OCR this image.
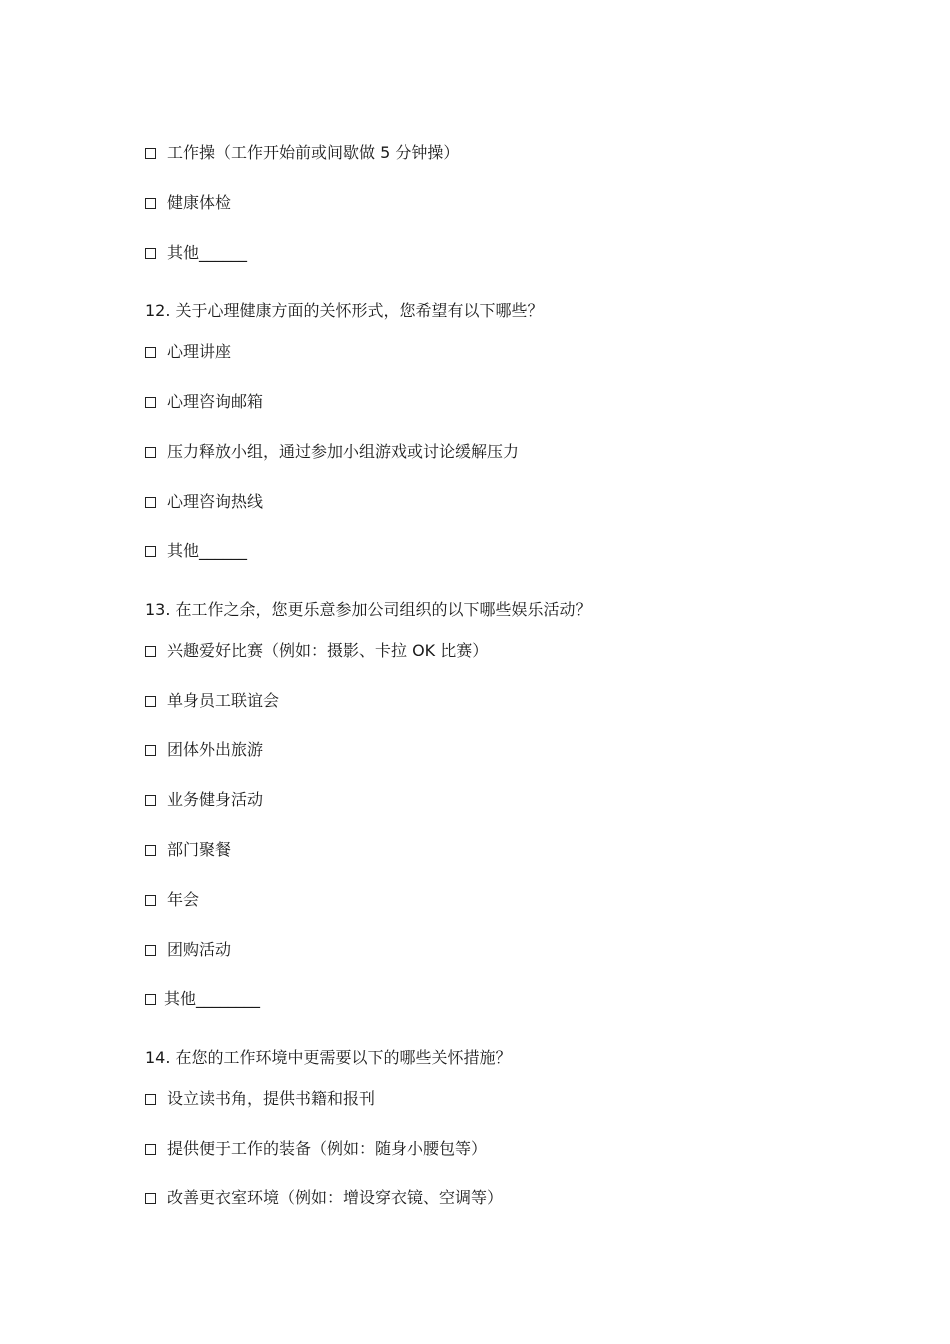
工作操（工作开始前或间歇做 5 分钟操）
健康体检
其他______
12. 关于心理健康方面的关怀形式，您希望有以下哪些？
心理讲座
心理咨询邮箱
压力释放小组，通过参加小组游戏或讨论缓解压力
心理咨询热线
其他______
13. 在工作之余，您更乐意参加公司组织的以下哪些娱乐活动？
兴趣爱好比赛（例如：摄影、卡拉 OK 比赛）
单身员工联谊会
团体外出旅游
业务健身活动
部门聚餐
年会
团购活动
其他________
14. 在您的工作环境中更需要以下的哪些关怀措施？
设立读书角，提供书籍和报刊
提供便于工作的装备（例如：随身小腰包等）
改善更衣室环境（例如：增设穿衣镜、空调等）
